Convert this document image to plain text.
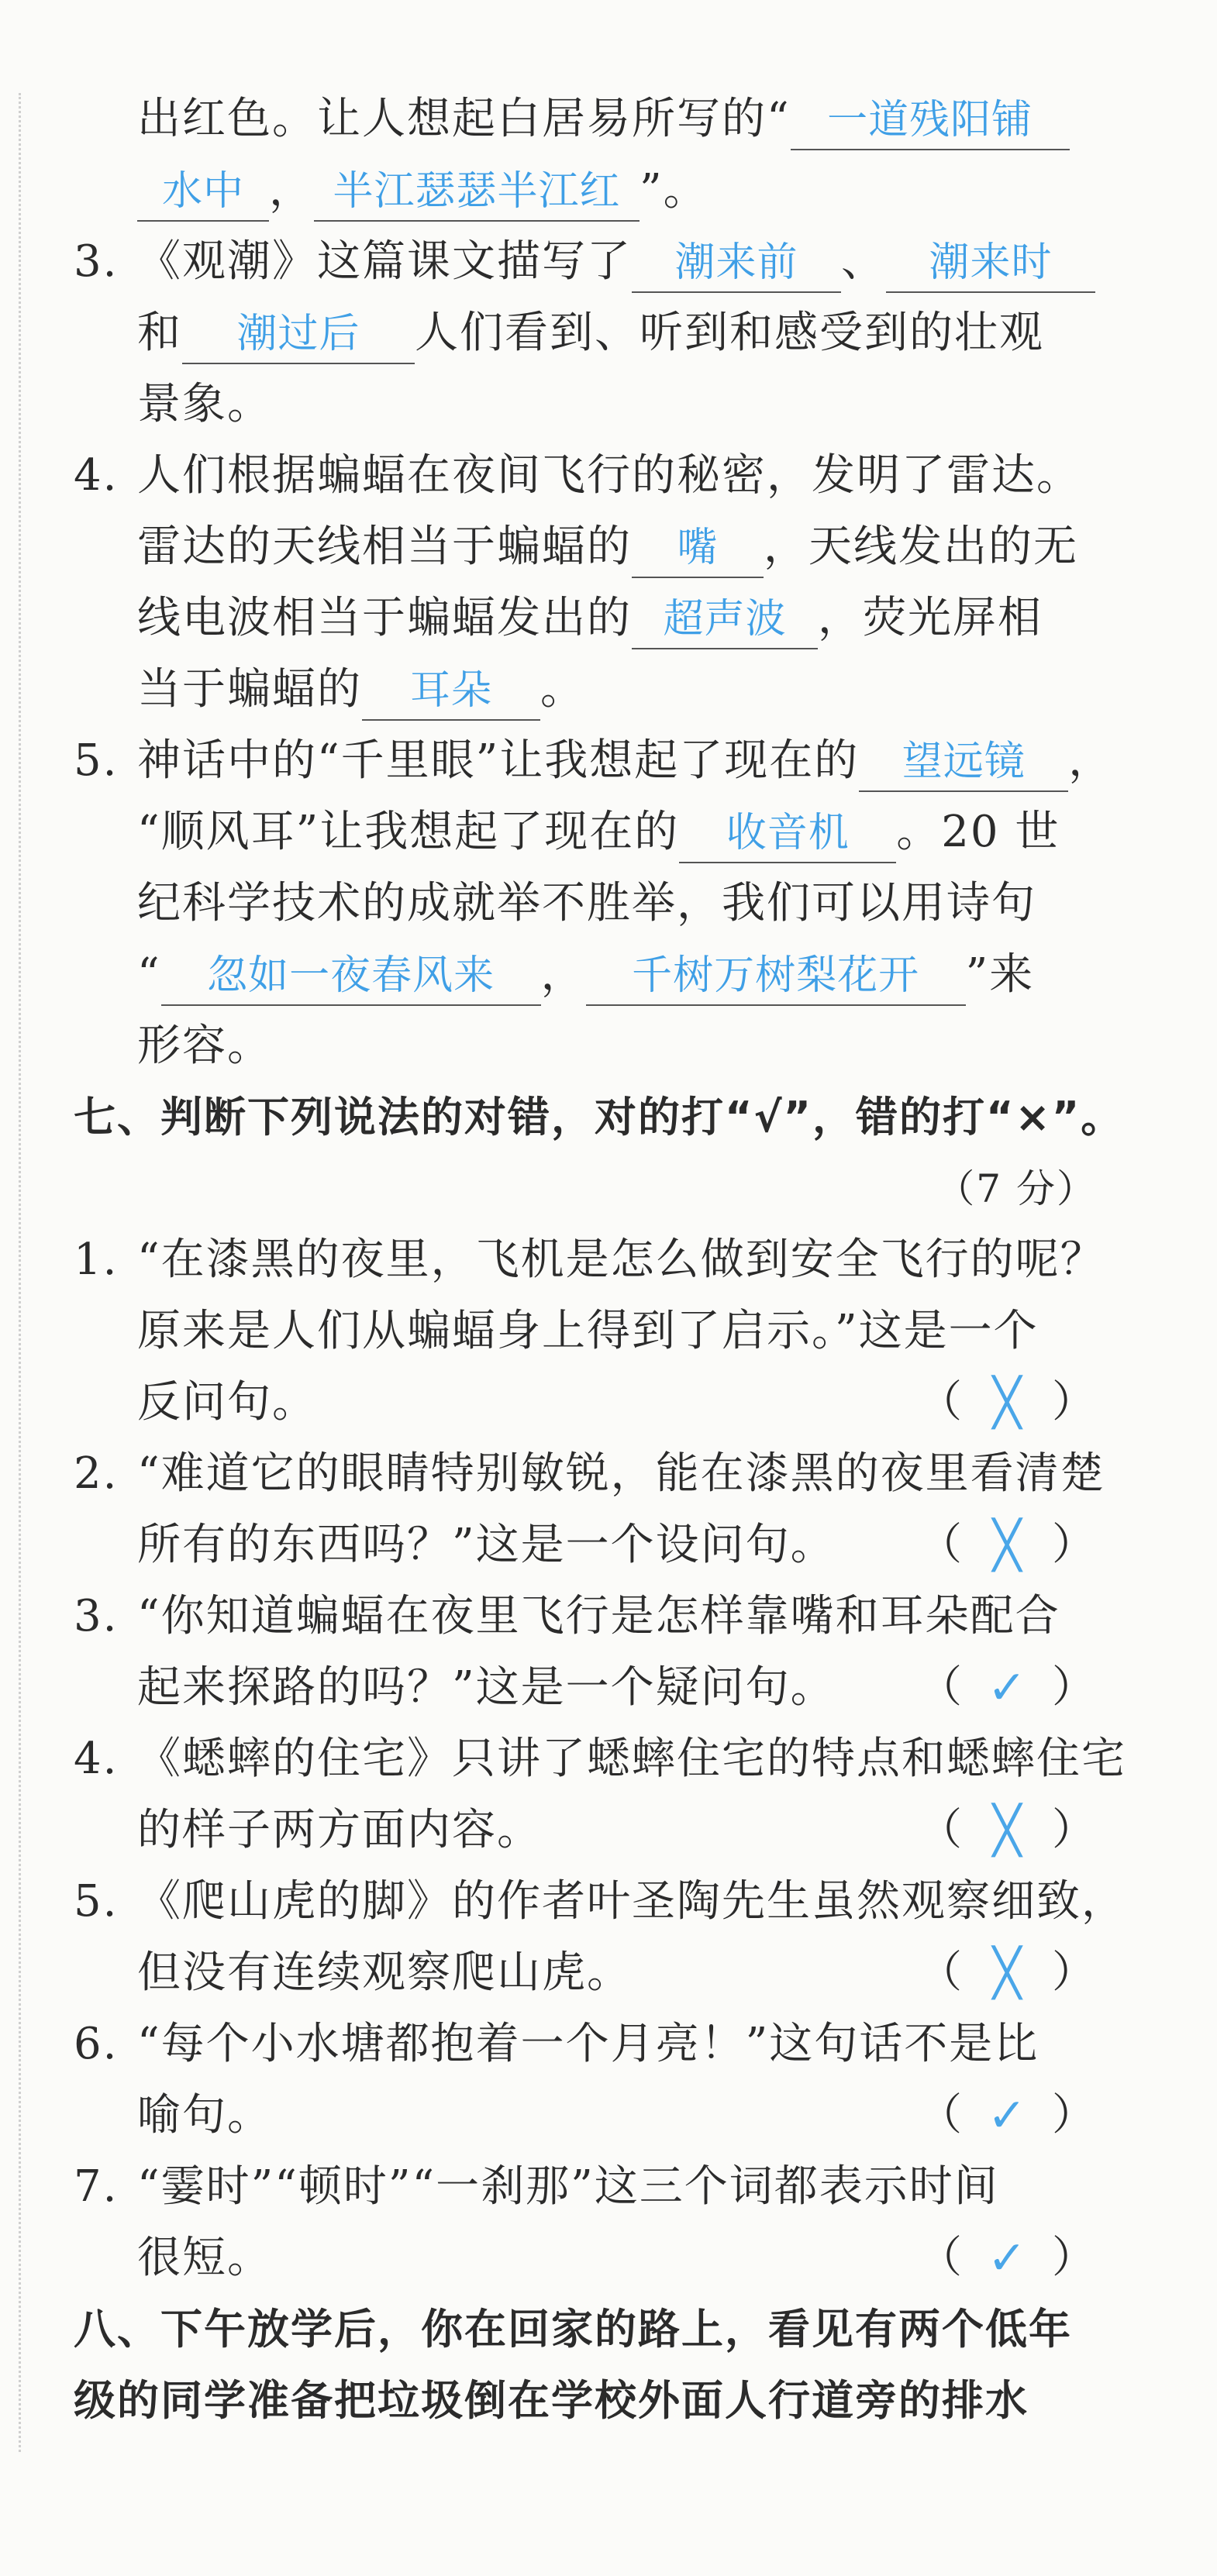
出红色。让人想起白居易所写的“ 一道残阳铺
水中 ， 半江瑟瑟半江红 ”。
3. 《观潮》这篇课文描写了 潮来前 、 潮来时
和 潮过后 人们看到、听到和感受到的壮观
景象。
4. 人们根据蝙蝠在夜间飞行的秘密，发明了雷达。
雷达的天线相当于蝙蝠的 嘴 ，天线发出的无
线电波相当于蝙蝠发出的 超声波 ，荧光屏相
当于蝙蝠的 耳朵 。
5. 神话中的“千里眼”让我想起了现在的 望远镜 ，
“顺风耳”让我想起了现在的 收音机 。20 世
纪科学技术的成就举不胜举，我们可以用诗句
“ 忽如一夜春风来 ， 千树万树梨花开 ”来
形容。
七、判断下列说法的对错，对的打“√”，错的打“×”。
（7 分）
1. “在漆黑的夜里，飞机是怎么做到安全飞行的呢？
原来是人们从蝙蝠身上得到了启示。”这是一个
反问句。	（ ╳ ）
2. “难道它的眼睛特别敏锐，能在漆黑的夜里看清楚
所有的东西吗？”这是一个设问句。 （ ╳ ）
3. “你知道蝙蝠在夜里飞行是怎样靠嘴和耳朵配合
起来探路的吗？”这是一个疑问句。 （ ✓ ）
4. 《蟋蟀的住宅》只讲了蟋蟀住宅的特点和蟋蟀住宅
的样子两方面内容。	（ ╳ ）
5. 《爬山虎的脚》的作者叶圣陶先生虽然观察细致，
但没有连续观察爬山虎。	（ ╳ ）
6. “每个小水塘都抱着一个月亮！”这句话不是比
喻句。	（ ✓ ）
7. “霎时”“顿时”“一刹那”这三个词都表示时间
很短。	（ ✓ ）
八、下午放学后，你在回家的路上，看见有两个低年
级的同学准备把垃圾倒在学校外面人行道旁的排水
